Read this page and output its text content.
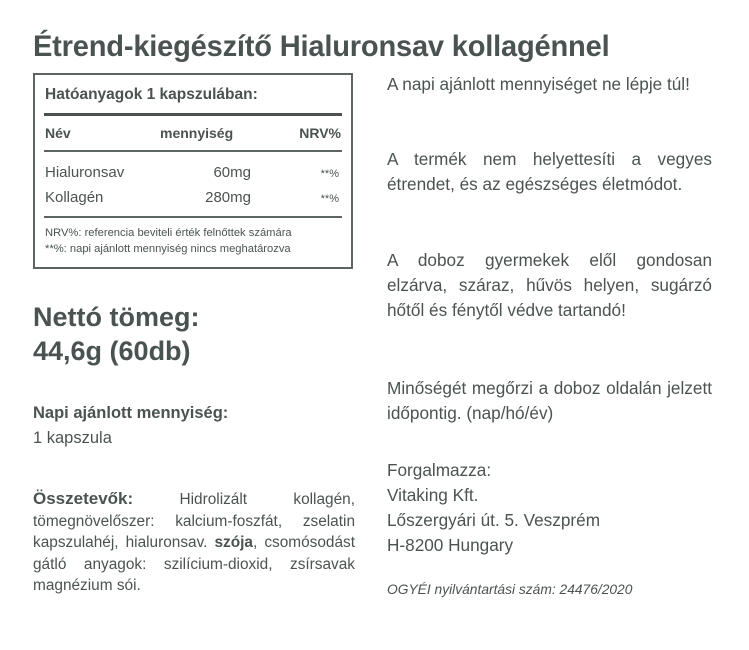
Étrend-kiegészítő Hialuronsav kollagénnel
Hatóanyagok 1 kapszulában:
Név	mennyiség	NRV%
Hialuronsav	60mg	**%
Kollagén	280mg	**%
NRV%: referencia beviteli érték felnőttek számára
**%: napi ajánlott mennyiség nincs meghatározva
Nettó tömeg:
44,6g (60db)
Napi ajánlott mennyiség:
1 kapszula
Összetevők: Hidrolizált kollagén, tömegnövelőszer: kalcium-foszfát, zselatin kapszulahéj, hialuronsav. szója, csomósodást gátló anyagok: szilícium-dioxid, zsírsavak magnézium sói.

A napi ajánlott mennyiséget ne lépje túl!

A termék nem helyettesíti a vegyes étrendet, és az egészséges életmódot.

A doboz gyermekek elől gondosan elzárva, száraz, hűvös helyen, sugárzó hőtől és fénytől védve tartandó!

Minőségét megőrzi a doboz oldalán jelzett időpontig. (nap/hó/év)

Forgalmazza:

Vitaking Kft.

Lőszergyári út. 5. Veszprém

H-8200 Hungary

OGYÉI nyilvántartási szám: 24476/2020
